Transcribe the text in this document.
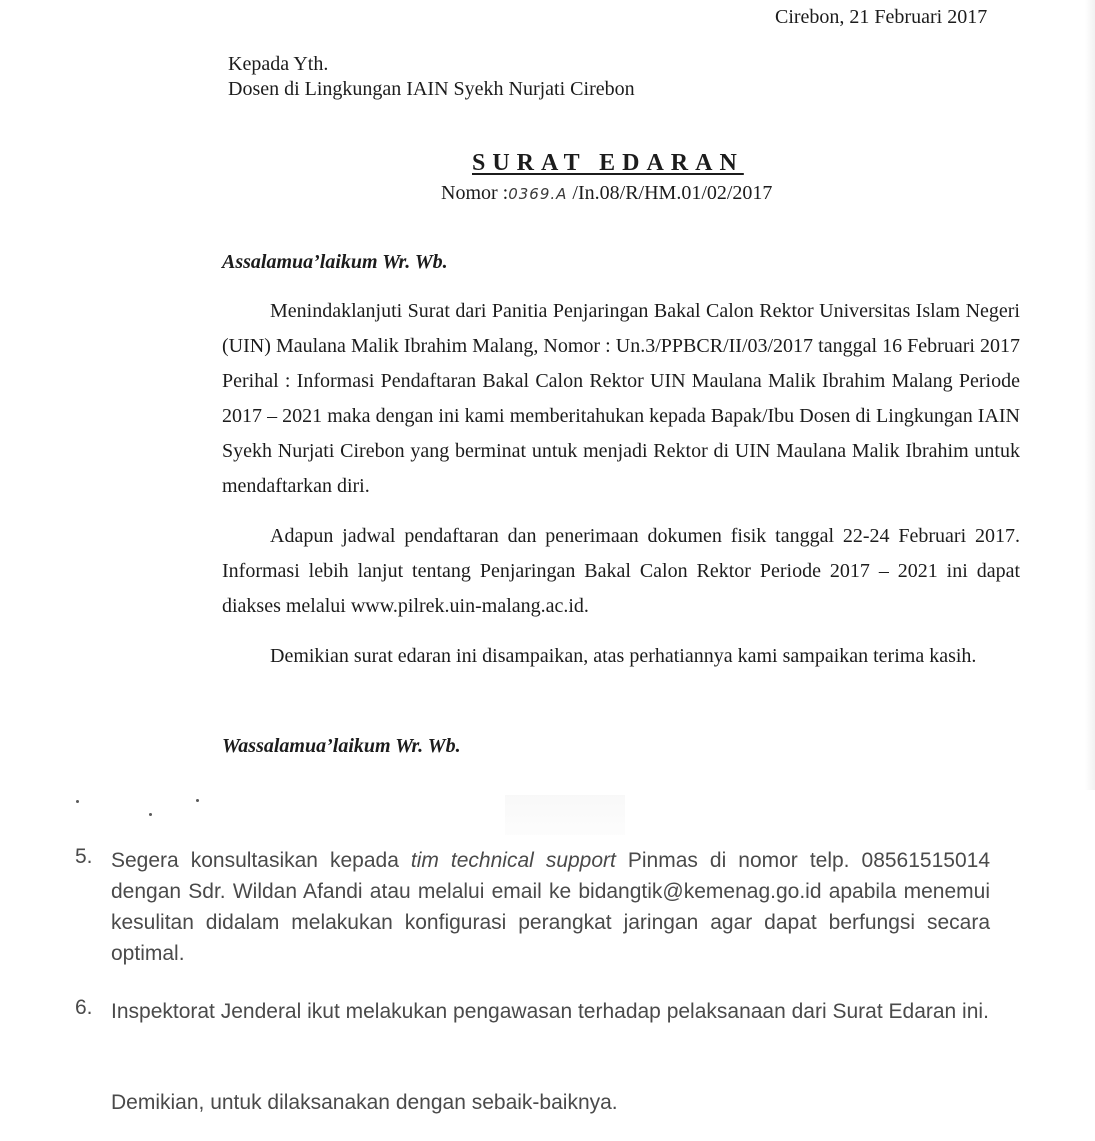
Cirebon, 21 Februari 2017
Kepada Yth.
Dosen di Lingkungan IAIN Syekh Nurjati Cirebon
SURAT EDARAN
Nomor :0369.A /In.08/R/HM.01/02/2017
Assalamua’laikum Wr. Wb.

Menindaklanjuti Surat dari Panitia Penjaringan Bakal Calon Rektor Universitas Islam Negeri (UIN) Maulana Malik Ibrahim Malang, Nomor : Un.3/PPBCR/II/03/2017 tanggal 16 Februari 2017 Perihal : Informasi Pendaftaran Bakal Calon Rektor UIN Maulana Malik Ibrahim Malang Periode 2017 – 2021 maka dengan ini kami memberitahukan kepada Bapak/Ibu Dosen di Lingkungan IAIN Syekh Nurjati Cirebon yang berminat untuk menjadi Rektor di UIN Maulana Malik Ibrahim untuk mendaftarkan diri.

Adapun jadwal pendaftaran dan penerimaan dokumen fisik tanggal 22-24 Februari 2017. Informasi lebih lanjut tentang Penjaringan Bakal Calon Rektor Periode 2017 – 2021 ini dapat diakses melalui www.pilrek.uin-malang.ac.id.

Demikian surat edaran ini disampaikan, atas perhatiannya kami sampaikan terima kasih.

Wassalamua’laikum Wr. Wb.
5. Segera konsultasikan kepada tim technical support Pinmas di nomor telp. 08561515014 dengan Sdr. Wildan Afandi atau melalui email ke bidangtik@kemenag.go.id apabila menemui kesulitan didalam melakukan konfigurasi perangkat jaringan agar dapat berfungsi secara optimal.
6. Inspektorat Jenderal ikut melakukan pengawasan terhadap pelaksanaan dari Surat Edaran ini.
Demikian, untuk dilaksanakan dengan sebaik-baiknya.
